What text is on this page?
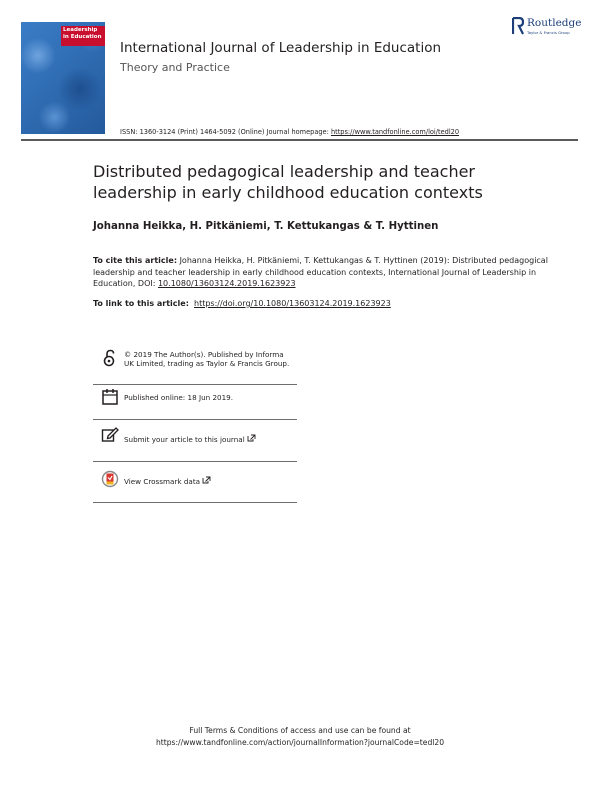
Leadership in Education
Routledge
Taylor & Francis Group
International Journal of Leadership in Education
Theory and Practice
ISSN: 1360-3124 (Print) 1464-5092 (Online) Journal homepage: https://www.tandfonline.com/loi/tedl20
Distributed pedagogical leadership and teacher leadership in early childhood education contexts
Johanna Heikka, H. Pitkäniemi, T. Kettukangas & T. Hyttinen
To cite this article: Johanna Heikka, H. Pitkäniemi, T. Kettukangas & T. Hyttinen (2019): Distributed pedagogical leadership and teacher leadership in early childhood education contexts, International Journal of Leadership in Education, DOI: 10.1080/13603124.2019.1623923
To link to this article: https://doi.org/10.1080/13603124.2019.1623923
© 2019 The Author(s). Published by Informa UK Limited, trading as Taylor & Francis Group.
Published online: 18 Jun 2019.
Submit your article to this journal
View Crossmark data
Full Terms & Conditions of access and use can be found at
https://www.tandfonline.com/action/journalInformation?journalCode=tedl20
